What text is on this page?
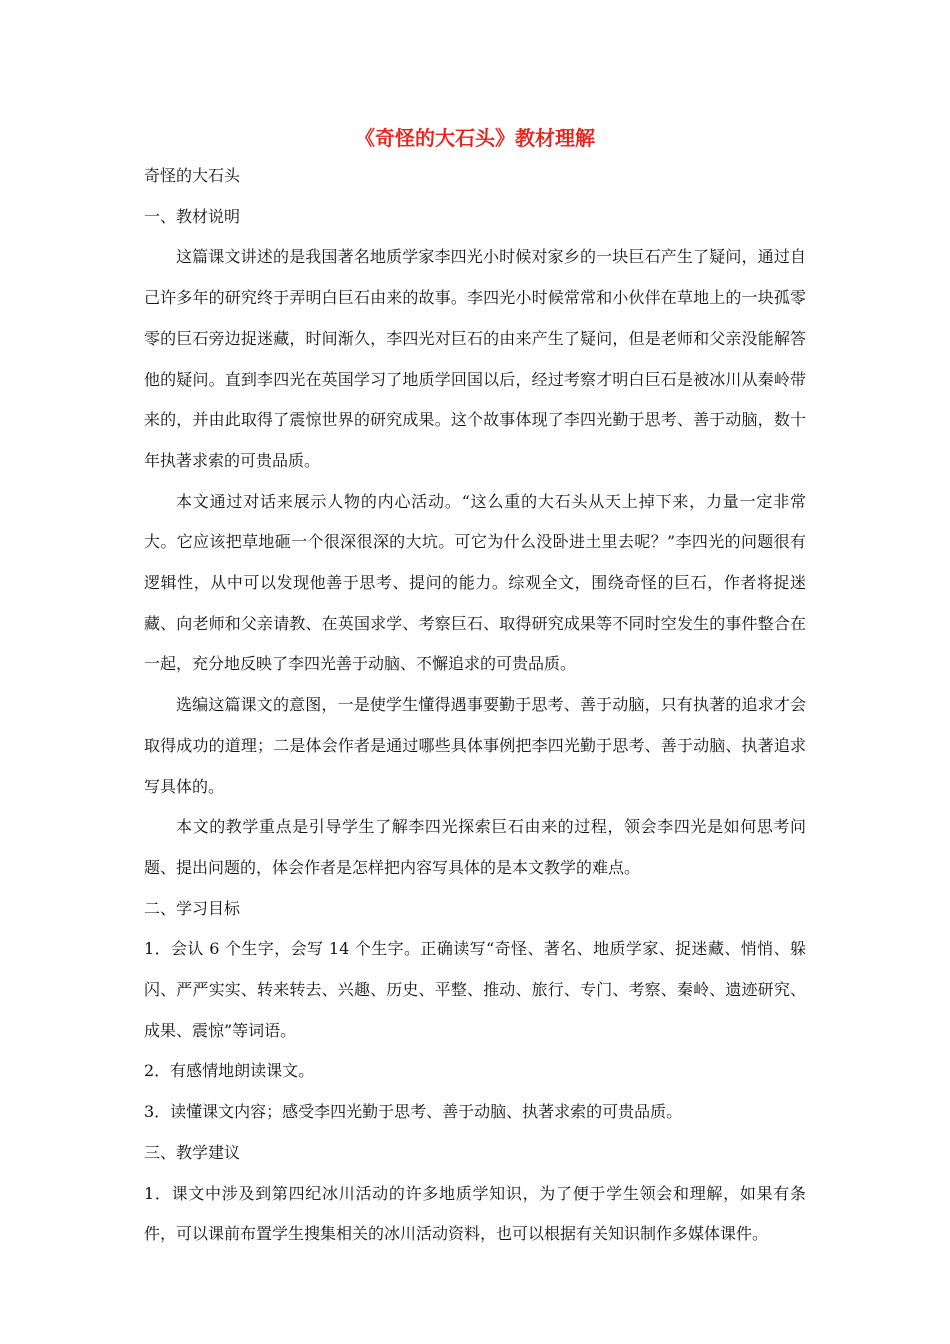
《奇怪的大石头》教材理解

奇怪的大石头

一、教材说明

这篇课文讲述的是我国著名地质学家李四光小时候对家乡的一块巨石产生了疑问，通过自己许多年的研究终于弄明白巨石由来的故事。李四光小时候常常和小伙伴在草地上的一块孤零零的巨石旁边捉迷藏，时间渐久，李四光对巨石的由来产生了疑问，但是老师和父亲没能解答他的疑问。直到李四光在英国学习了地质学回国以后，经过考察才明白巨石是被冰川从秦岭带来的，并由此取得了震惊世界的研究成果。这个故事体现了李四光勤于思考、善于动脑，数十年执著求索的可贵品质。

本文通过对话来展示人物的内心活动。“这么重的大石头从天上掉下来，力量一定非常大。它应该把草地砸一个很深很深的大坑。可它为什么没卧进土里去呢？”李四光的问题很有逻辑性，从中可以发现他善于思考、提问的能力。综观全文，围绕奇怪的巨石，作者将捉迷藏、向老师和父亲请教、在英国求学、考察巨石、取得研究成果等不同时空发生的事件整合在一起，充分地反映了李四光善于动脑、不懈追求的可贵品质。

选编这篇课文的意图，一是使学生懂得遇事要勤于思考、善于动脑，只有执著的追求才会取得成功的道理；二是体会作者是通过哪些具体事例把李四光勤于思考、善于动脑、执著追求写具体的。

本文的教学重点是引导学生了解李四光探索巨石由来的过程，领会李四光是如何思考问题、提出问题的，体会作者是怎样把内容写具体的是本文教学的难点。

二、学习目标

1．会认 6 个生字，会写 14 个生字。正确读写“奇怪、著名、地质学家、捉迷藏、悄悄、躲闪、严严实实、转来转去、兴趣、历史、平整、推动、旅行、专门、考察、秦岭、遗迹研究、成果、震惊”等词语。

2．有感情地朗读课文。

3．读懂课文内容；感受李四光勤于思考、善于动脑、执著求索的可贵品质。

三、教学建议

1．课文中涉及到第四纪冰川活动的许多地质学知识，为了便于学生领会和理解，如果有条件，可以课前布置学生搜集相关的冰川活动资料，也可以根据有关知识制作多媒体课件。
